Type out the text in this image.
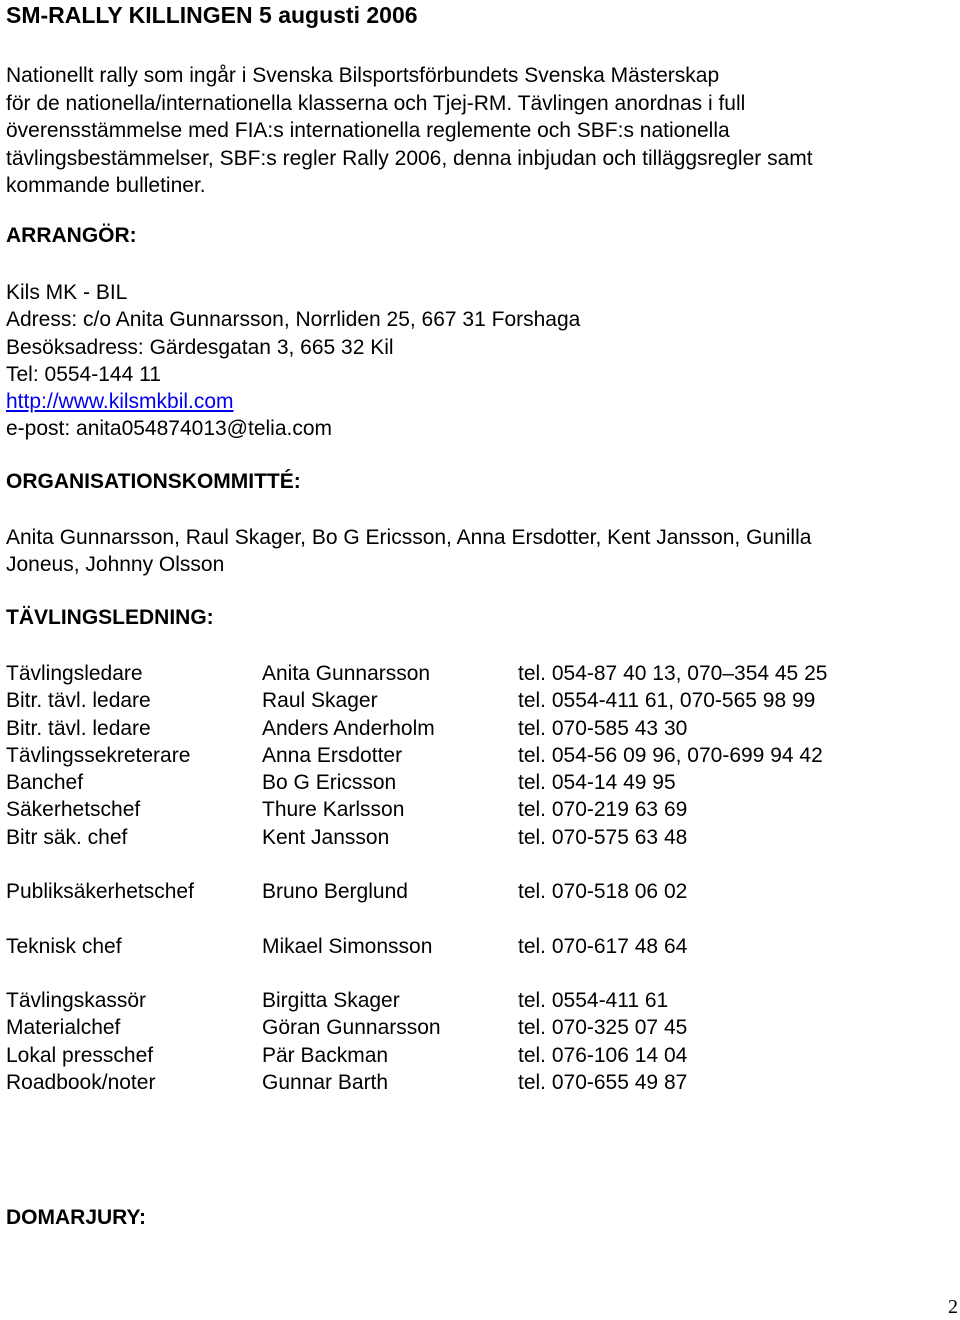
SM-RALLY KILLINGEN 5 augusti 2006
Nationellt rally som ingår i Svenska Bilsportsförbundets Svenska Mästerskap
för de nationella/internationella klasserna och Tjej-RM. Tävlingen anordnas i full
överensstämmelse med FIA:s internationella reglemente och SBF:s nationella
tävlingsbestämmelser, SBF:s regler Rally 2006, denna inbjudan och tilläggsregler samt
kommande bulletiner.
ARRANGÖR:
Kils MK - BIL
Adress: c/o Anita Gunnarsson, Norrliden 25, 667 31 Forshaga
Besöksadress: Gärdesgatan 3, 665 32 Kil
Tel: 0554-144 11
http://www.kilsmkbil.com
e-post: anita054874013@telia.com
ORGANISATIONSKOMMITTÉ:
Anita Gunnarsson, Raul Skager, Bo G Ericsson, Anna Ersdotter, Kent Jansson, Gunilla
Joneus, Johnny Olsson
TÄVLINGSLEDNING:
Tävlingsledare	Anita Gunnarsson	tel. 054-87 40 13, 070–354 45 25
Bitr. tävl. ledare	Raul Skager	tel. 0554-411 61, 070-565 98 99
Bitr. tävl. ledare	Anders Anderholm	tel. 070-585 43 30
Tävlingssekreterare	Anna Ersdotter	tel. 054-56 09 96, 070-699 94 42
Banchef	Bo G Ericsson	tel. 054-14 49 95
Säkerhetschef	Thure Karlsson	tel. 070-219 63 69
Bitr säk. chef	Kent Jansson	tel. 070-575 63 48
Publiksäkerhetschef	Bruno Berglund	tel. 070-518 06 02
Teknisk chef	Mikael Simonsson	tel. 070-617 48 64
Tävlingskassör	Birgitta Skager	tel. 0554-411 61
Materialchef	Göran Gunnarsson	tel. 070-325 07 45
Lokal presschef	Pär Backman	tel. 076-106 14 04
Roadbook/noter	Gunnar Barth	tel. 070-655 49 87
DOMARJURY:
2
